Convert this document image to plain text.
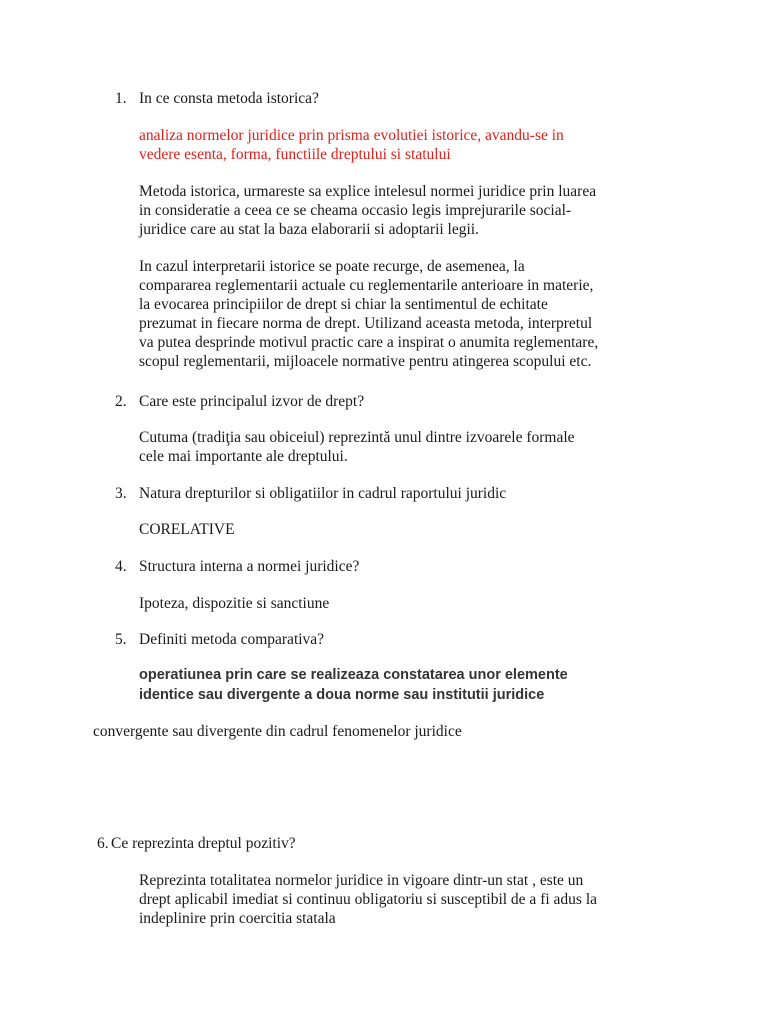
1. In ce consta metoda istorica?
analiza normelor juridice prin prisma evolutiei istorice, avandu-se in
vedere esenta, forma, functiile dreptului si statului
Metoda istorica, urmareste sa explice intelesul normei juridice prin luarea
in consideratie a ceea ce se cheama occasio legis imprejurarile social-
juridice care au stat la baza elaborarii si adoptarii legii.
In cazul interpretarii istorice se poate recurge, de asemenea, la
compararea reglementarii actuale cu reglementarile anterioare in materie,
la evocarea principiilor de drept si chiar la sentimentul de echitate
prezumat in fiecare norma de drept. Utilizand aceasta metoda, interpretul
va putea desprinde motivul practic care a inspirat o anumita reglementare,
scopul reglementarii, mijloacele normative pentru atingerea scopului etc.
2. Care este principalul izvor de drept?
Cutuma (tradiţia sau obiceiul) reprezintă unul dintre izvoarele formale
cele mai importante ale dreptului.
3. Natura drepturilor si obligatiilor in cadrul raportului juridic
CORELATIVE
4. Structura interna a normei juridice?
Ipoteza, dispozitie si sanctiune
5. Definiti metoda comparativa?
operatiunea prin care se realizeaza constatarea unor elemente
identice sau divergente a doua norme sau institutii juridice
convergente sau divergente din cadrul fenomenelor juridice
6. Ce reprezinta dreptul pozitiv?
Reprezinta totalitatea normelor juridice in vigoare dintr-un stat , este un
drept aplicabil imediat si continuu obligatoriu si susceptibil de a fi adus la
indeplinire prin coercitia statala
